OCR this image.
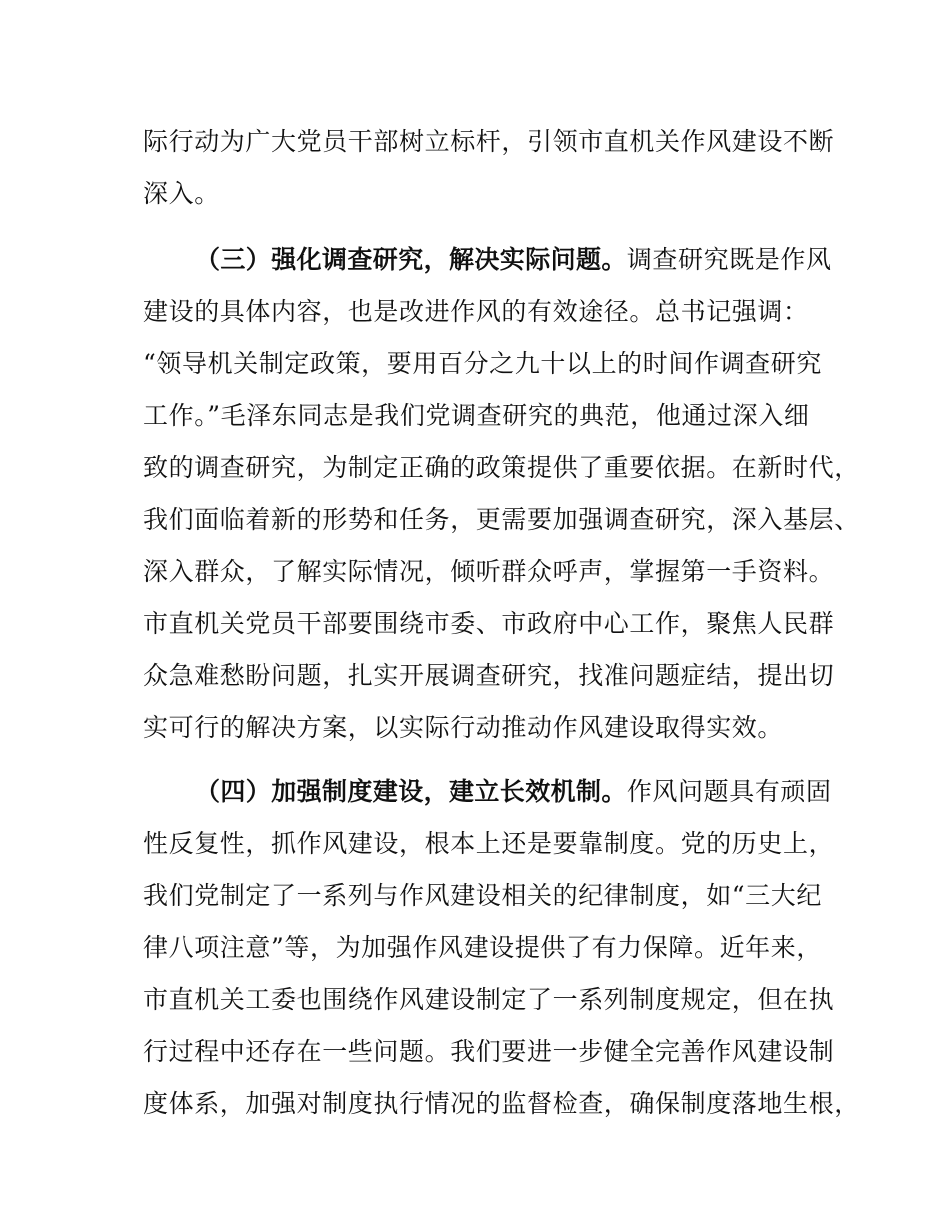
际行动为广大党员干部树立标杆，引领市直机关作风建设不断
深入。
（三）强化调查研究，解决实际问题。调查研究既是作风
建设的具体内容，也是改进作风的有效途径。总书记强调：
“领导机关制定政策，要用百分之九十以上的时间作调查研究
工作。”毛泽东同志是我们党调查研究的典范，他通过深入细
致的调查研究，为制定正确的政策提供了重要依据。在新时代，
我们面临着新的形势和任务，更需要加强调查研究，深入基层、
深入群众，了解实际情况，倾听群众呼声，掌握第一手资料。
市直机关党员干部要围绕市委、市政府中心工作，聚焦人民群
众急难愁盼问题，扎实开展调查研究，找准问题症结，提出切
实可行的解决方案，以实际行动推动作风建设取得实效。
（四）加强制度建设，建立长效机制。作风问题具有顽固
性反复性，抓作风建设，根本上还是要靠制度。党的历史上，
我们党制定了一系列与作风建设相关的纪律制度，如“三大纪
律八项注意”等，为加强作风建设提供了有力保障。近年来，
市直机关工委也围绕作风建设制定了一系列制度规定，但在执
行过程中还存在一些问题。我们要进一步健全完善作风建设制
度体系，加强对制度执行情况的监督检查，确保制度落地生根，
